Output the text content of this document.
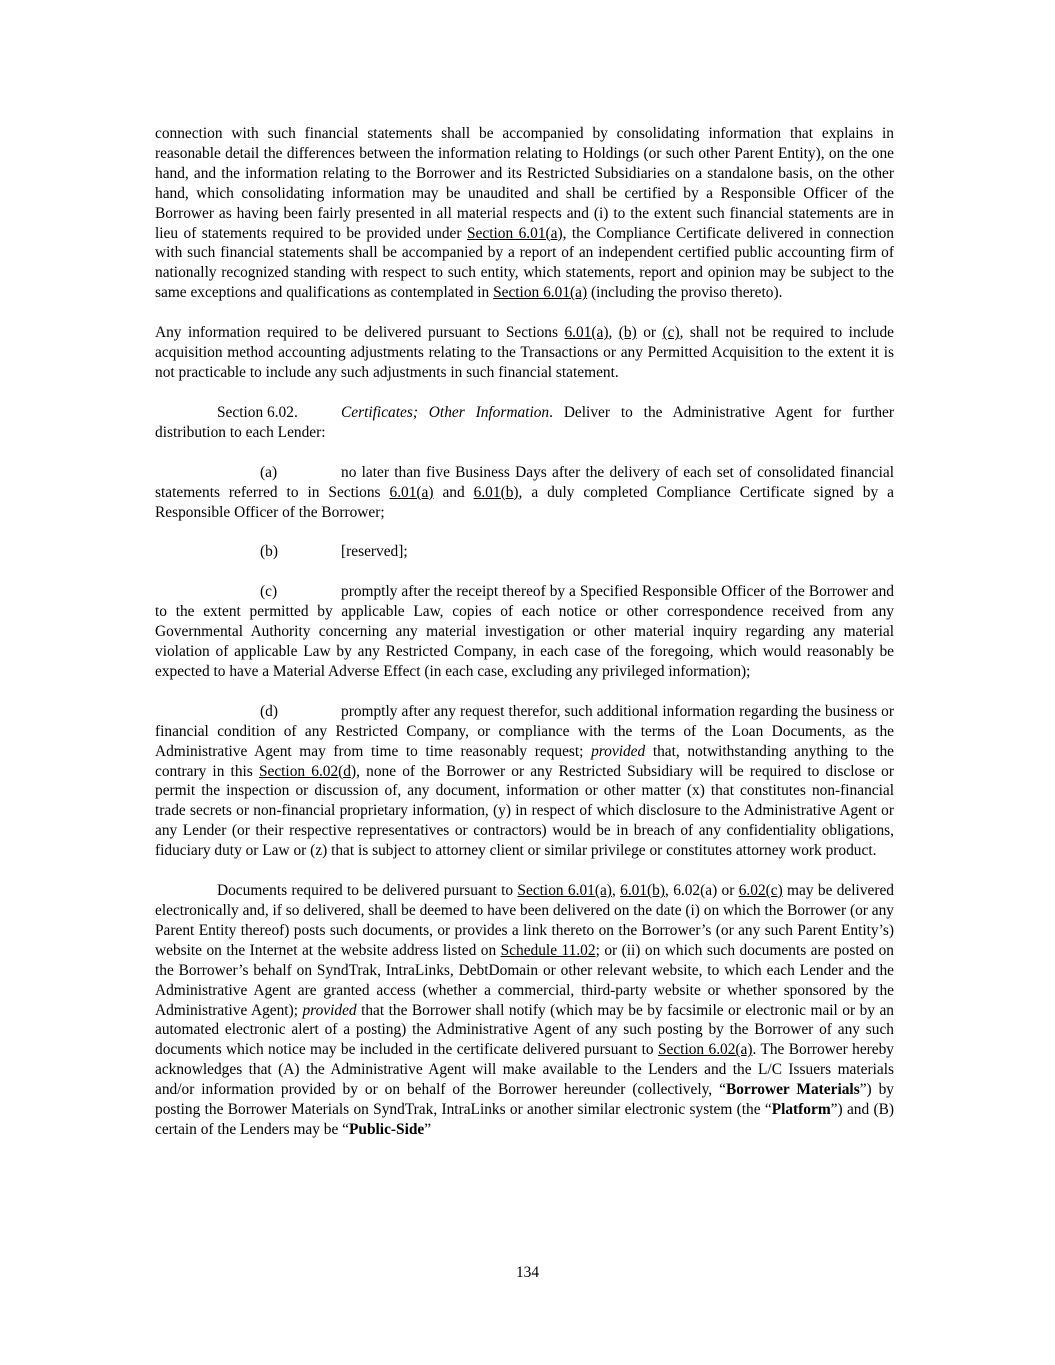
connection with such financial statements shall be accompanied by consolidating information that explains in reasonable detail the differences between the information relating to Holdings (or such other Parent Entity), on the one hand, and the information relating to the Borrower and its Restricted Subsidiaries on a standalone basis, on the other hand, which consolidating information may be unaudited and shall be certified by a Responsible Officer of the Borrower as having been fairly presented in all material respects and (i) to the extent such financial statements are in lieu of statements required to be provided under Section 6.01(a), the Compliance Certificate delivered in connection with such financial statements shall be accompanied by a report of an independent certified public accounting firm of nationally recognized standing with respect to such entity, which statements, report and opinion may be subject to the same exceptions and qualifications as contemplated in Section 6.01(a) (including the proviso thereto).

Any information required to be delivered pursuant to Sections 6.01(a), (b) or (c), shall not be required to include acquisition method accounting adjustments relating to the Transactions or any Permitted Acquisition to the extent it is not practicable to include any such adjustments in such financial statement.

Section 6.02.	Certificates; Other Information. Deliver to the Administrative Agent for further distribution to each Lender:

(a)	no later than five Business Days after the delivery of each set of consolidated financial statements referred to in Sections 6.01(a) and 6.01(b), a duly completed Compliance Certificate signed by a Responsible Officer of the Borrower;

(b)	[reserved];

(c)	promptly after the receipt thereof by a Specified Responsible Officer of the Borrower and to the extent permitted by applicable Law, copies of each notice or other correspondence received from any Governmental Authority concerning any material investigation or other material inquiry regarding any material violation of applicable Law by any Restricted Company, in each case of the foregoing, which would reasonably be expected to have a Material Adverse Effect (in each case, excluding any privileged information);

(d)	promptly after any request therefor, such additional information regarding the business or financial condition of any Restricted Company, or compliance with the terms of the Loan Documents, as the Administrative Agent may from time to time reasonably request; provided that, notwithstanding anything to the contrary in this Section 6.02(d), none of the Borrower or any Restricted Subsidiary will be required to disclose or permit the inspection or discussion of, any document, information or other matter (x) that constitutes non-financial trade secrets or non-financial proprietary information, (y) in respect of which disclosure to the Administrative Agent or any Lender (or their respective representatives or contractors) would be in breach of any confidentiality obligations, fiduciary duty or Law or (z) that is subject to attorney client or similar privilege or constitutes attorney work product.

Documents required to be delivered pursuant to Section 6.01(a), 6.01(b), 6.02(a) or 6.02(c) may be delivered electronically and, if so delivered, shall be deemed to have been delivered on the date (i) on which the Borrower (or any Parent Entity thereof) posts such documents, or provides a link thereto on the Borrower’s (or any such Parent Entity’s) website on the Internet at the website address listed on Schedule 11.02; or (ii) on which such documents are posted on the Borrower’s behalf on SyndTrak, IntraLinks, DebtDomain or other relevant website, to which each Lender and the Administrative Agent are granted access (whether a commercial, third-party website or whether sponsored by the Administrative Agent); provided that the Borrower shall notify (which may be by facsimile or electronic mail or by an automated electronic alert of a posting) the Administrative Agent of any such posting by the Borrower of any such documents which notice may be included in the certificate delivered pursuant to Section 6.02(a). The Borrower hereby acknowledges that (A) the Administrative Agent will make available to the Lenders and the L/C Issuers materials and/or information provided by or on behalf of the Borrower hereunder (collectively, “Borrower Materials”) by posting the Borrower Materials on SyndTrak, IntraLinks or another similar electronic system (the “Platform”) and (B) certain of the Lenders may be “Public-Side”

134
